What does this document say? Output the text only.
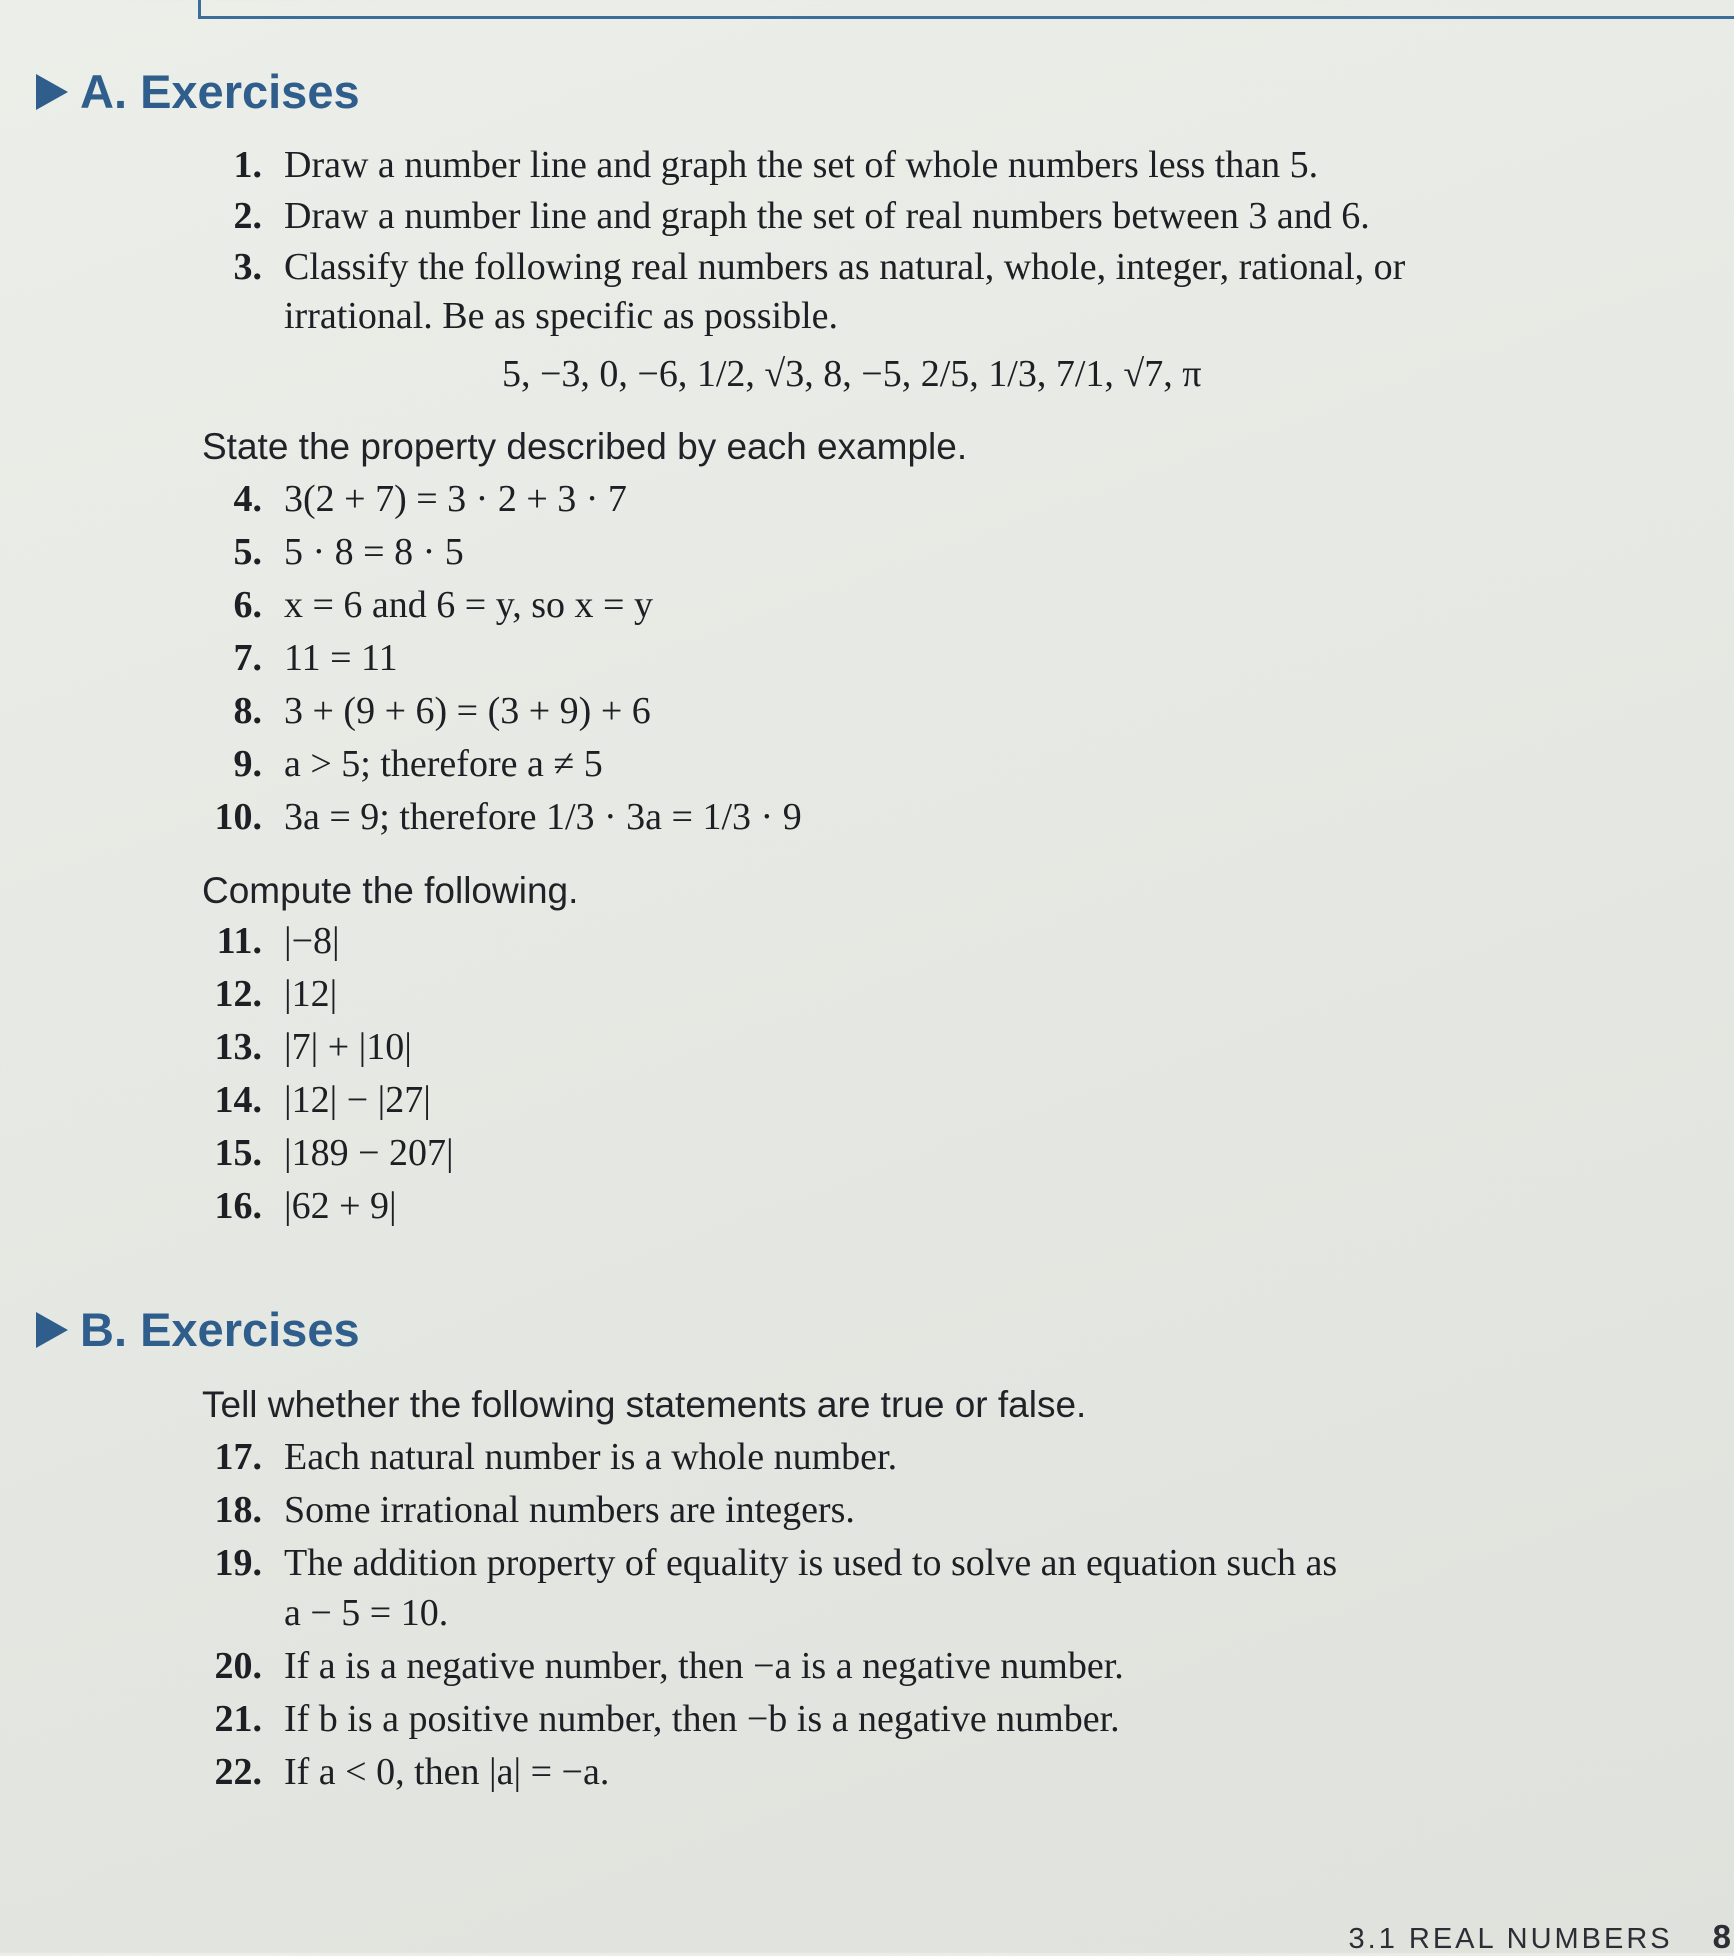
A.
Exercises
1. Draw a number line and graph the set of whole numbers less than 5.
2. Draw a number line and graph the set of real numbers between 3 and 6.
3. Classify the following real numbers as natural, whole, integer, rational, or
irrational. Be as specific as possible.
5, −3, 0, −6, 1/2, √3, 8, −5, 2/5, 1/3, 7/1, √7, π
State the property described by each example.
4. 3(2 + 7) = 3 · 2 + 3 · 7
5. 5 · 8 = 8 · 5
6. x = 6 and 6 = y, so x = y
7. 11 = 11
8. 3 + (9 + 6) = (3 + 9) + 6
9. a > 5; therefore a ≠ 5
10. 3a = 9; therefore 1/3 · 3a = 1/3 · 9
Compute the following.
11. |−8|
12. |12|
13. |7| + |10|
14. |12| − |27|
15. |189 − 207|
16. |62 + 9|
B.
Exercises
Tell whether the following statements are true or false.
17. Each natural number is a whole number.
18. Some irrational numbers are integers.
19. The addition property of equality is used to solve an equation such as
a − 5 = 10.
20. If a is a negative number, then −a is a negative number.
21. If b is a positive number, then −b is a negative number.
22. If a < 0, then |a| = −a.
3.1 REAL NUMBERS 8
